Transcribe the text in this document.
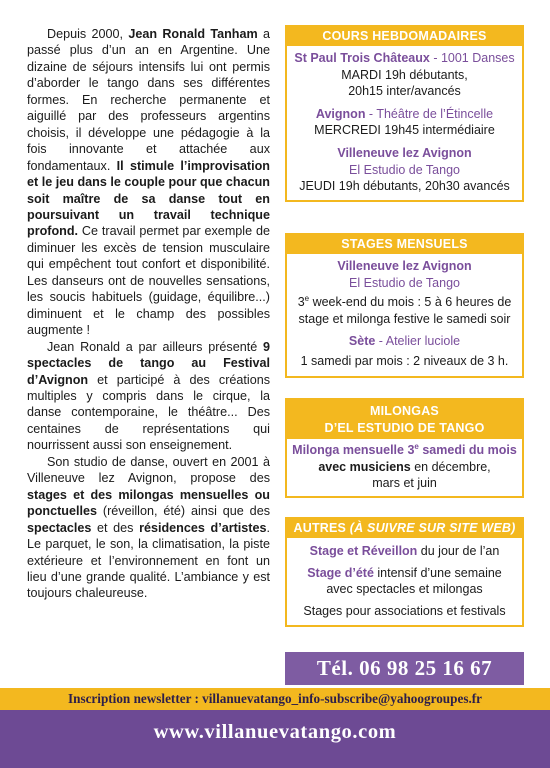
Depuis 2000, Jean Ronald Tanham a passé plus d’un an en Argentine. Une dizaine de séjours intensifs lui ont permis d’aborder le tango dans ses différentes formes. En recherche permanente et aiguillé par des professeurs argentins choisis, il développe une pédagogie à la fois innovante et attachée aux fondamentaux. Il stimule l’improvisation et le jeu dans le couple pour que chacun soit maître de sa danse tout en poursuivant un travail technique profond. Ce travail permet par exemple de diminuer les excès de tension musculaire qui empêchent tout confort et disponibilité. Les danseurs ont de nouvelles sensations, les soucis habituels (guidage, équilibre...) diminuent et le champ des possibles augmente !

Jean Ronald a par ailleurs présenté 9 spectacles de tango au Festival d’Avignon et participé à des créations multiples y compris dans le cirque, la danse contemporaine, le théâtre... Des centaines de représentations qui nourrissent aussi son enseignement.

Son studio de danse, ouvert en 2001 à Villeneuve lez Avignon, propose des stages et des milongas mensuelles ou ponctuelles (réveillon, été) ainsi que des spectacles et des résidences d’artistes. Le parquet, le son, la climatisation, la piste extérieure et l’environnement en font un lieu d’une grande qualité. L’ambiance y est toujours chaleureuse.

COURS HEBDOMADAIRES
St Paul Trois Châteaux - 1001 Danses
MARDI 19h débutants,
20h15 inter/avancés
Avignon - Théâtre de l’Étincelle
MERCREDI 19h45 intermédiaire
Villeneuve lez Avignon
El Estudio de Tango
JEUDI 19h débutants, 20h30 avancés
STAGES MENSUELS
Villeneuve lez Avignon
El Estudio de Tango
3e week-end du mois : 5 à 6 heures de
stage et milonga festive le samedi soir
Sète - Atelier luciole
1 samedi par mois : 2 niveaux de 3 h.
MILONGAS
D’EL ESTUDIO DE TANGO
Milonga mensuelle 3e samedi du mois
avec musiciens en décembre,
mars et juin
AUTRES (À SUIVRE SUR SITE WEB)
Stage et Réveillon du jour de l’an
Stage d’été intensif d’une semaine
avec spectacles et milongas
Stages pour associations et festivals
Tél. 06 98 25 16 67
Inscription newsletter : villanuevatango_info-subscribe@yahoogroupes.fr
www.villanuevatango.com
